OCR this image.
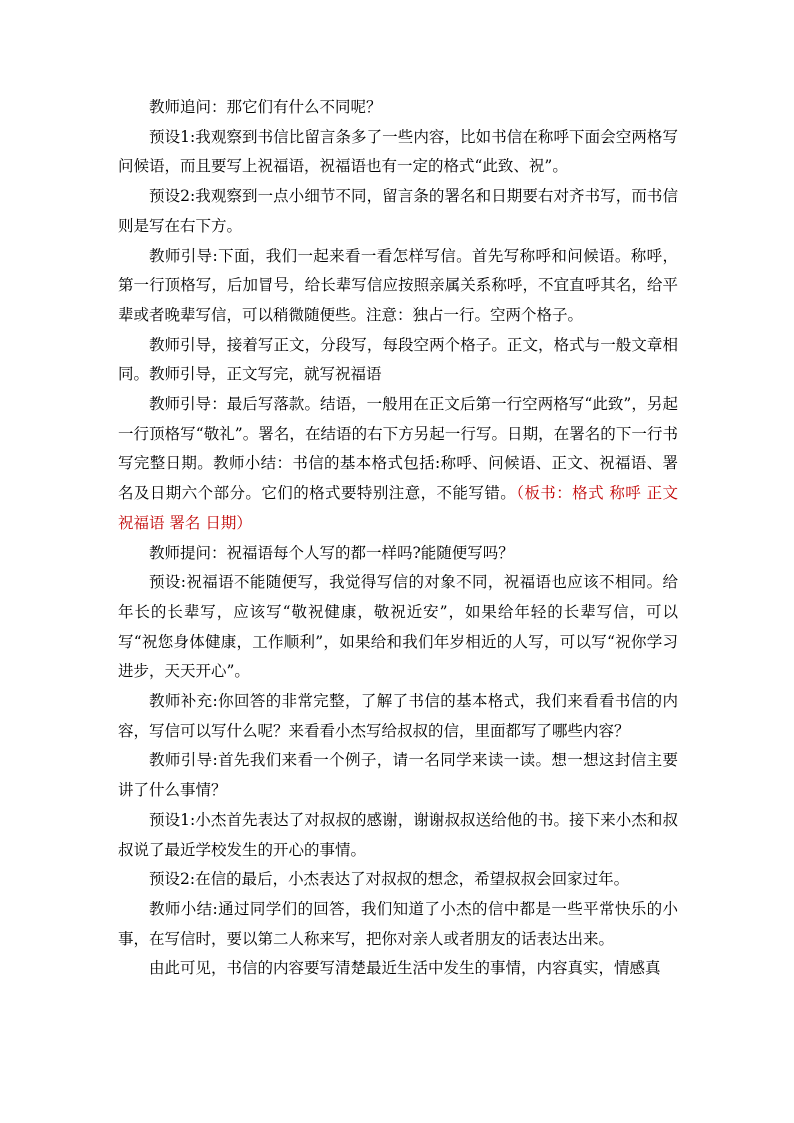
教师追问：那它们有什么不同呢？

预设1:我观察到书信比留言条多了一些内容，比如书信在称呼下面会空两格写问候语，而且要写上祝福语，祝福语也有一定的格式“此致、祝”。

预设2:我观察到一点小细节不同，留言条的署名和日期要右对齐书写，而书信则是写在右下方。

教师引导:下面，我们一起来看一看怎样写信。首先写称呼和问候语。称呼，第一行顶格写，后加冒号，给长辈写信应按照亲属关系称呼，不宜直呼其名，给平辈或者晚辈写信，可以稍微随便些。注意：独占一行。空两个格子。

教师引导，接着写正文，分段写，每段空两个格子。正文，格式与一般文章相同。教师引导，正文写完，就写祝福语

教师引导：最后写落款。结语，一般用在正文后第一行空两格写“此致”，另起一行顶格写“敬礼”。署名，在结语的右下方另起一行写。日期，在署名的下一行书写完整日期。教师小结：书信的基本格式包括:称呼、问候语、正文、祝福语、署名及日期六个部分。它们的格式要特别注意，不能写错。（板书：格式 称呼 正文 祝福语 署名 日期）

教师提问：祝福语每个人写的都一样吗?能随便写吗？

预设:祝福语不能随便写，我觉得写信的对象不同，祝福语也应该不相同。给年长的长辈写，应该写“敬祝健康，敬祝近安”，如果给年轻的长辈写信，可以写“祝您身体健康，工作顺利”，如果给和我们年岁相近的人写，可以写“祝你学习进步，天天开心”。

教师补充:你回答的非常完整，了解了书信的基本格式，我们来看看书信的内容，写信可以写什么呢？来看看小杰写给叔叔的信，里面都写了哪些内容？

教师引导:首先我们来看一个例子，请一名同学来读一读。想一想这封信主要讲了什么事情？

预设1:小杰首先表达了对叔叔的感谢，谢谢叔叔送给他的书。接下来小杰和叔叔说了最近学校发生的开心的事情。

预设2:在信的最后，小杰表达了对叔叔的想念，希望叔叔会回家过年。

教师小结:通过同学们的回答，我们知道了小杰的信中都是一些平常快乐的小事，在写信时，要以第二人称来写，把你对亲人或者朋友的话表达出来。

由此可见，书信的内容要写清楚最近生活中发生的事情，内容真实，情感真
